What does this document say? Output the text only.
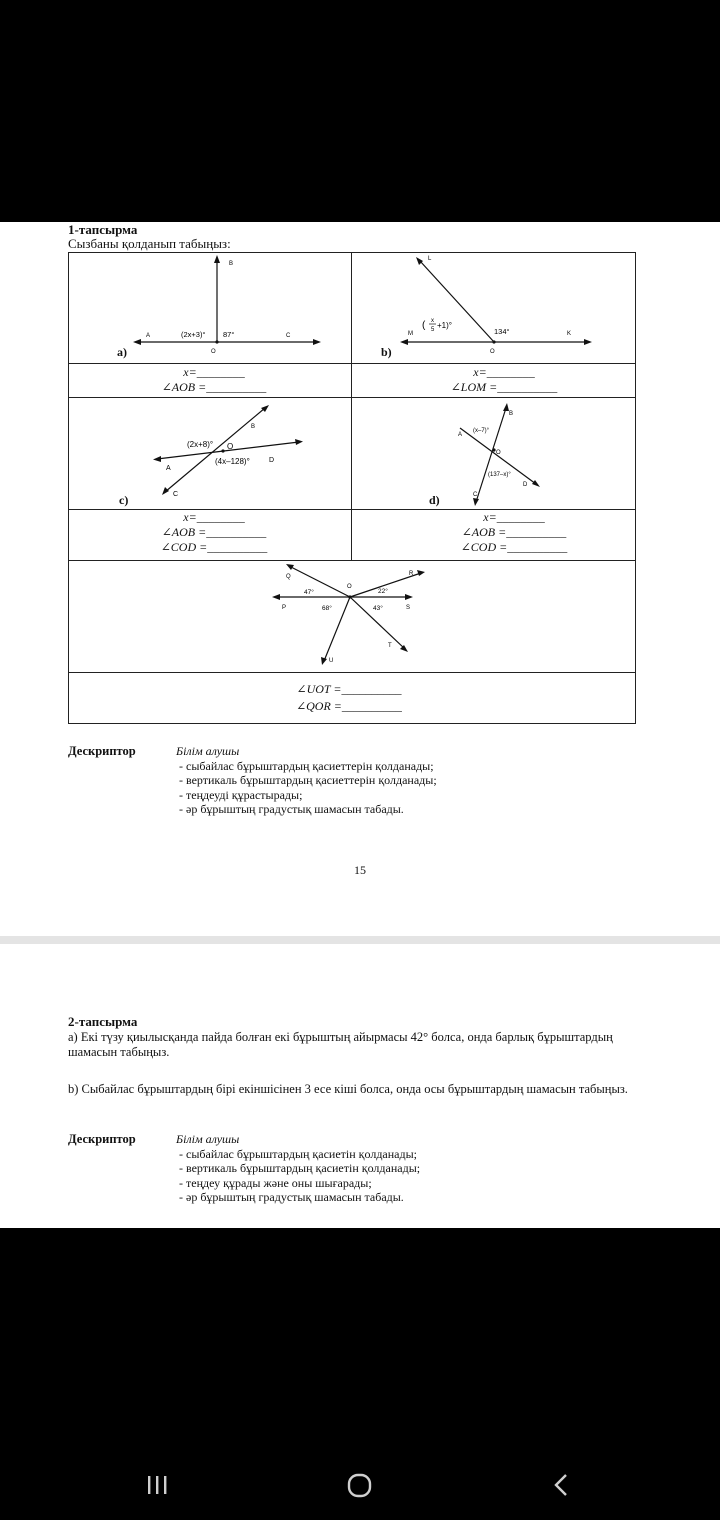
1-тапсырма
Сызбаны қолданып табыңыз:
A
B
O
C
(2x+3)° 87°
a)
L
M
O
K
( x
5 +1)°
134°
b)
x=________
∠AOB =__________
x=________
∠LOM =__________
B
A
O
C
D
(2x+8)°
(4x–128)°
c)
B
A
O
C
D
(x–7)°
(137–x)°
d)
x=________
∠AOB =__________
∠COD =__________
x=________
∠AOB =__________
∠COD =__________
Q
O
R
P	S
T
U
47°	22°
68°	43°
∠UOT =__________
∠QOR =__________
Дескриптор	Білім алушы
- сыбайлас бұрыштардың қасиеттерін қолданады;
- вертикаль бұрыштардың қасиеттерін қолданады;
- теңдеуді құрастырады;
- әр бұрыштың градустық шамасын табады.
15
2-тапсырма
a) Екі түзу қиылысқанда пайда болған екі бұрыштың айырмасы 42° болса, онда барлық бұрыштардың шамасын табыңыз.
b) Сыбайлас бұрыштардың бірі екіншісінен 3 есе кіші болса, онда осы бұрыштардың шамасын табыңыз.
Дескриптор	Білім алушы
- сыбайлас бұрыштардың қасиетін қолданады;
- вертикаль бұрыштардың қасиетін қолданады;
- теңдеу құрады және оны шығарады;
- әр бұрыштың градустық шамасын табады.
